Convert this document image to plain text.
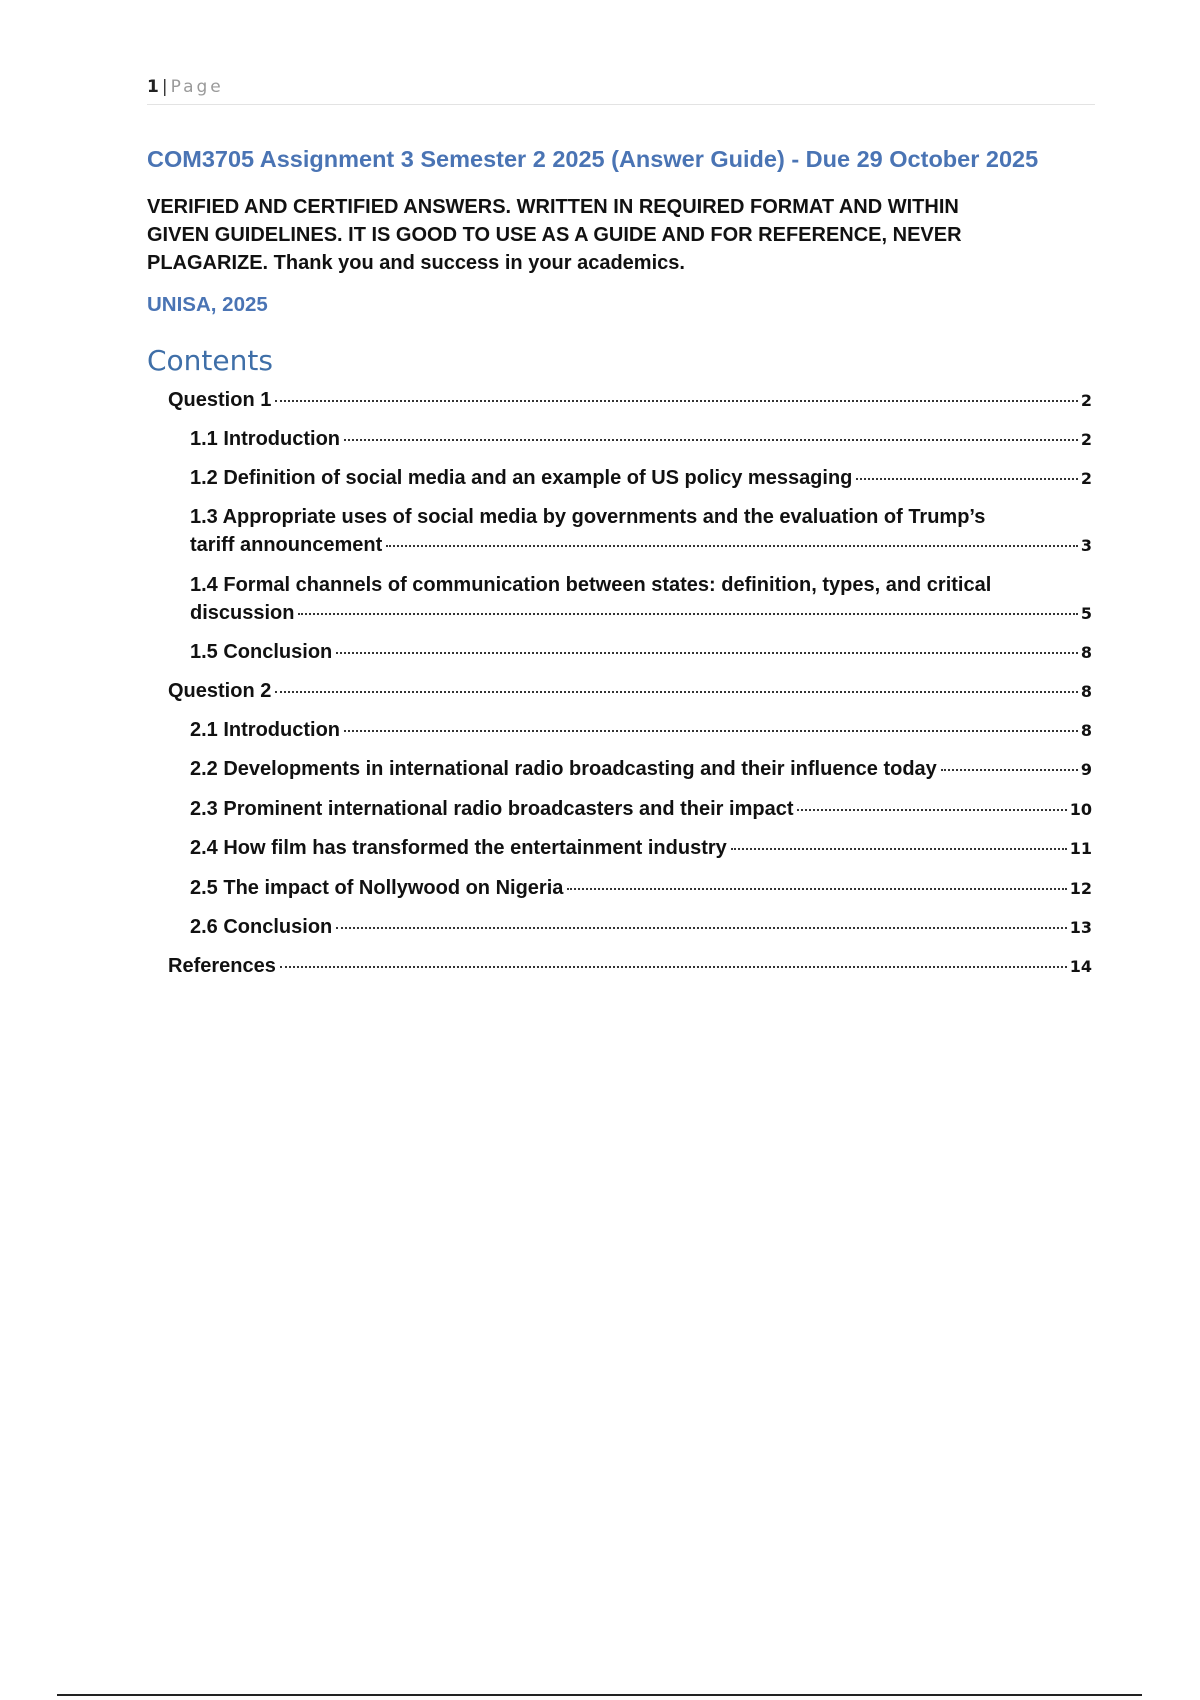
1 | Page
COM3705 Assignment 3 Semester 2 2025 (Answer Guide) - Due 29 October 2025

VERIFIED AND CERTIFIED ANSWERS. WRITTEN IN REQUIRED FORMAT AND WITHIN
GIVEN GUIDELINES. IT IS GOOD TO USE AS A GUIDE AND FOR REFERENCE, NEVER
PLAGARIZE. Thank you and success in your academics.

UNISA, 2025

Contents
Question 1	2
1.1 Introduction	2
1.2 Definition of social media and an example of US policy messaging	2
1.3 Appropriate uses of social media by governments and the evaluation of Trump’s
tariff announcement	3
1.4 Formal channels of communication between states: definition, types, and critical
discussion	5
1.5 Conclusion	8
Question 2	8
2.1 Introduction	8
2.2 Developments in international radio broadcasting and their influence today	9
2.3 Prominent international radio broadcasters and their impact	10
2.4 How film has transformed the entertainment industry	11
2.5 The impact of Nollywood on Nigeria	12
2.6 Conclusion	13
References	14
